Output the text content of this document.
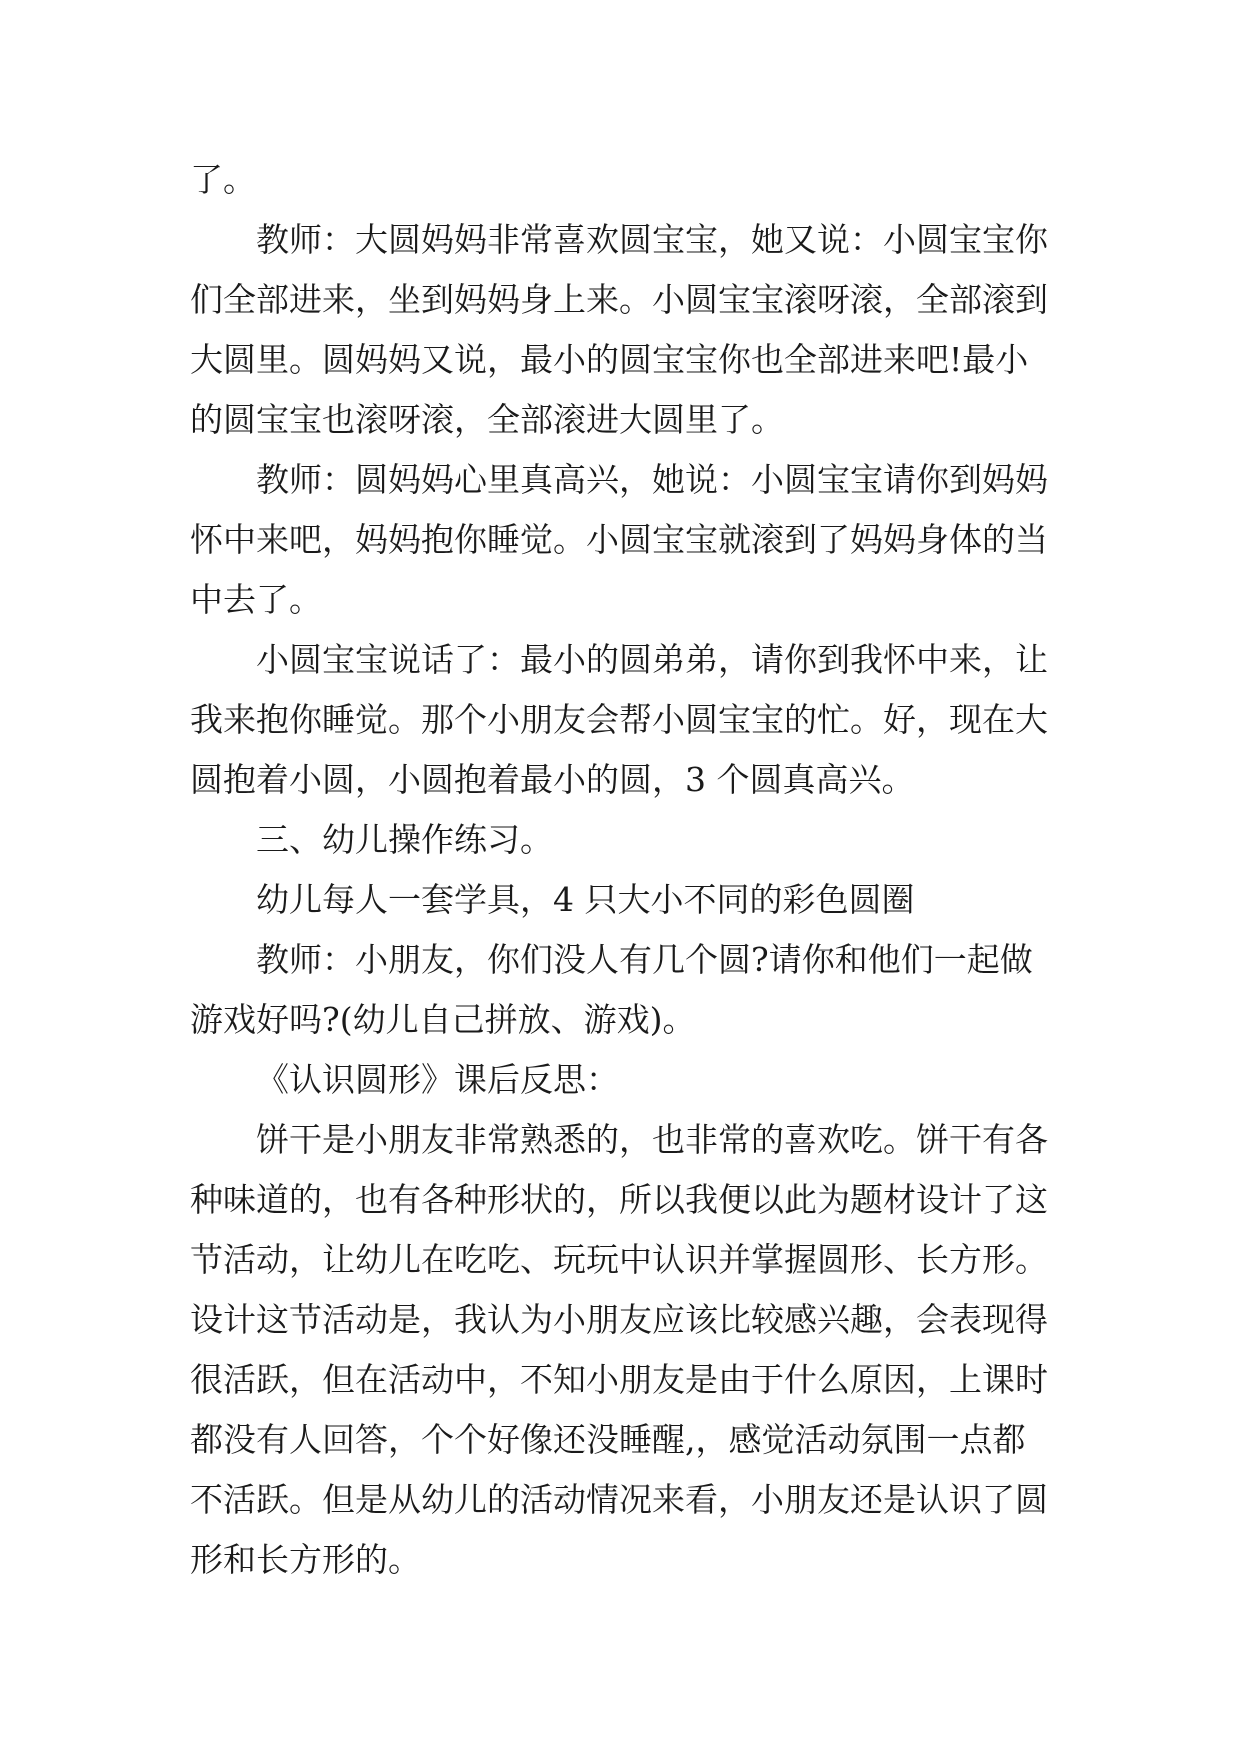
了。
教师：大圆妈妈非常喜欢圆宝宝，她又说：小圆宝宝你
们全部进来，坐到妈妈身上来。小圆宝宝滚呀滚，全部滚到
大圆里。圆妈妈又说，最小的圆宝宝你也全部进来吧!最小
的圆宝宝也滚呀滚，全部滚进大圆里了。
教师：圆妈妈心里真高兴，她说：小圆宝宝请你到妈妈
怀中来吧，妈妈抱你睡觉。小圆宝宝就滚到了妈妈身体的当
中去了。
小圆宝宝说话了：最小的圆弟弟，请你到我怀中来，让
我来抱你睡觉。那个小朋友会帮小圆宝宝的忙。好，现在大
圆抱着小圆，小圆抱着最小的圆，3 个圆真高兴。
三、幼儿操作练习。
幼儿每人一套学具，4 只大小不同的彩色圆圈
教师：小朋友，你们没人有几个圆?请你和他们一起做
游戏好吗?(幼儿自己拼放、游戏)。
《认识圆形》课后反思：
饼干是小朋友非常熟悉的，也非常的喜欢吃。饼干有各
种味道的，也有各种形状的，所以我便以此为题材设计了这
节活动，让幼儿在吃吃、玩玩中认识并掌握圆形、长方形。
设计这节活动是，我认为小朋友应该比较感兴趣，会表现得
很活跃，但在活动中，不知小朋友是由于什么原因，上课时
都没有人回答，个个好像还没睡醒,，感觉活动氛围一点都
不活跃。但是从幼儿的活动情况来看，小朋友还是认识了圆
形和长方形的。
